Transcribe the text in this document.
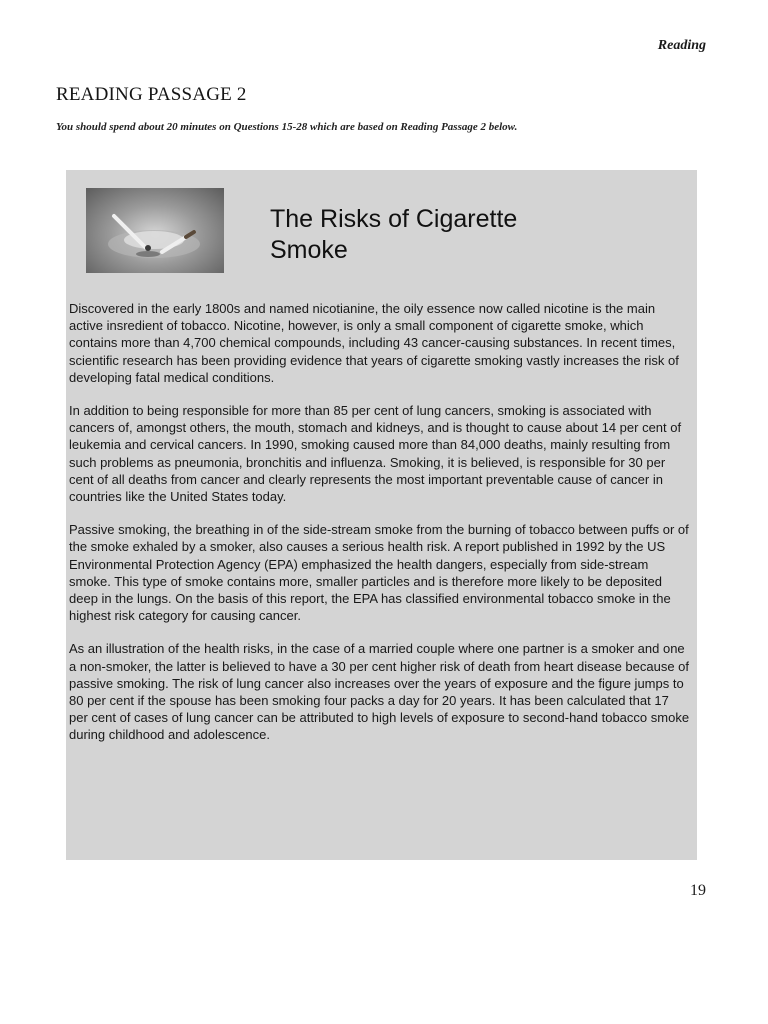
Reading
READING PASSAGE 2
You should spend about 20 minutes on Questions 15-28 which are based on Reading Passage 2 below.
The Risks of Cigarette
Smoke

Discovered in the early 1800s and named nicotianine, the oily essence now called nicotine is the main active insredient of tobacco. Nicotine, however, is only a small component of cigarette smoke, which contains more than 4,700 chemical compounds, including 43 cancer-causing substances. In recent times, scientific research has been providing evidence that years of cigarette smoking vastly increases the risk of developing fatal medical conditions.

In addition to being responsible for more than 85 per cent of lung cancers, smoking is associated with cancers of, amongst others, the mouth, stomach and kidneys, and is thought to cause about 14 per cent of leukemia and cervical cancers. In 1990, smoking caused more than 84,000 deaths, mainly resulting from such problems as pneumonia, bronchitis and influenza. Smoking, it is believed, is responsible for 30 per cent of all deaths from cancer and clearly represents the most important preventable cause of cancer in countries like the United States today.

Passive smoking, the breathing in of the side-stream smoke from the burning of tobacco between puffs or of the smoke exhaled by a smoker, also causes a serious health risk. A report published in 1992 by the US Environmental Protection Agency (EPA) emphasized the health dangers, especially from side-stream smoke. This type of smoke contains more, smaller particles and is therefore more likely to be deposited deep in the lungs. On the basis of this report, the EPA has classified environmental tobacco smoke in the highest risk category for causing cancer.

As an illustration of the health risks, in the case of a married couple where one partner is a smoker and one a non-smoker, the latter is believed to have a 30 per cent higher risk of death from heart disease because of passive smoking. The risk of lung cancer also increases over the years of exposure and the figure jumps to 80 per cent if the spouse has been smoking four packs a day for 20 years. It has been calculated that 17 per cent of cases of lung cancer can be attributed to high levels of exposure to second-hand tobacco smoke during childhood and adolescence.

19
